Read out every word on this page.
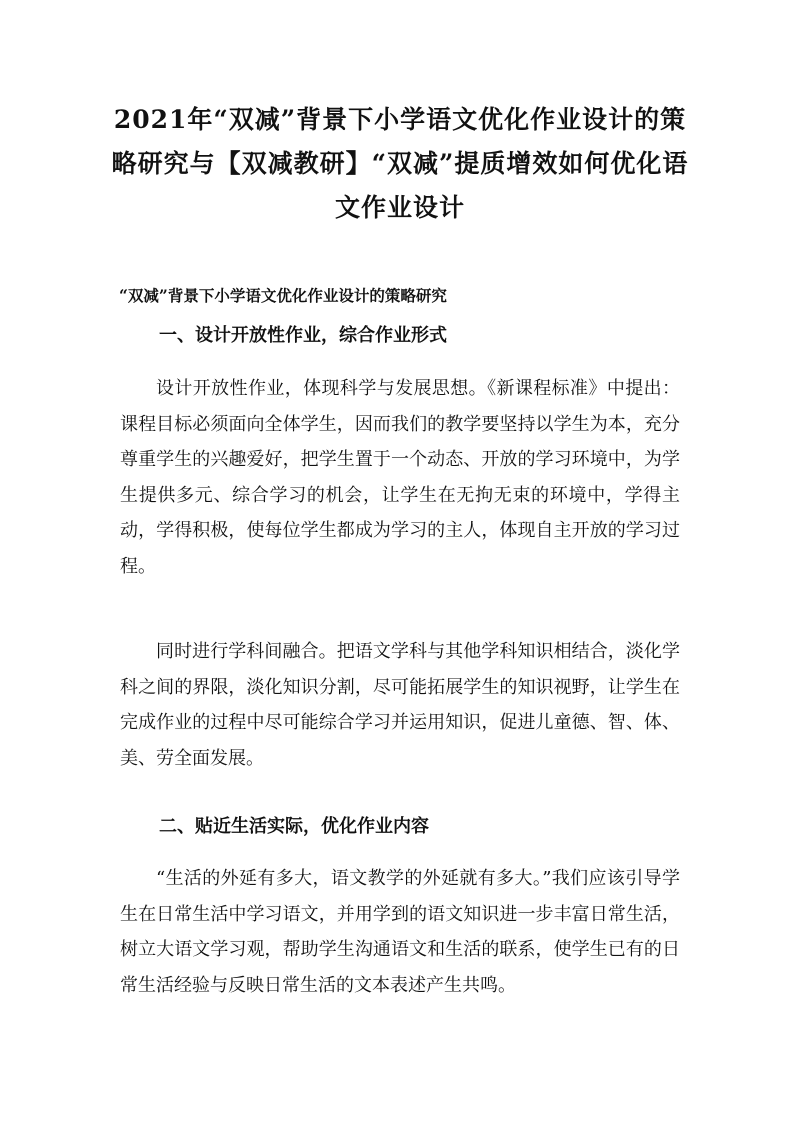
2021年“双减”背景下小学语文优化作业设计的策略研究与【双减教研】“双减”提质增效如何优化语文作业设计

“双减”背景下小学语文优化作业设计的策略研究

一、设计开放性作业，综合作业形式

设计开放性作业，体现科学与发展思想。《新课程标准》中提出：课程目标必须面向全体学生，因而我们的教学要坚持以学生为本，充分尊重学生的兴趣爱好，把学生置于一个动态、开放的学习环境中，为学生提供多元、综合学习的机会，让学生在无拘无束的环境中，学得主动，学得积极，使每位学生都成为学习的主人，体现自主开放的学习过程。

同时进行学科间融合。把语文学科与其他学科知识相结合，淡化学科之间的界限，淡化知识分割，尽可能拓展学生的知识视野，让学生在完成作业的过程中尽可能综合学习并运用知识，促进儿童德、智、体、美、劳全面发展。

二、贴近生活实际，优化作业内容

“生活的外延有多大，语文教学的外延就有多大。”我们应该引导学生在日常生活中学习语文，并用学到的语文知识进一步丰富日常生活，树立大语文学习观，帮助学生沟通语文和生活的联系，使学生已有的日常生活经验与反映日常生活的文本表述产生共鸣。
